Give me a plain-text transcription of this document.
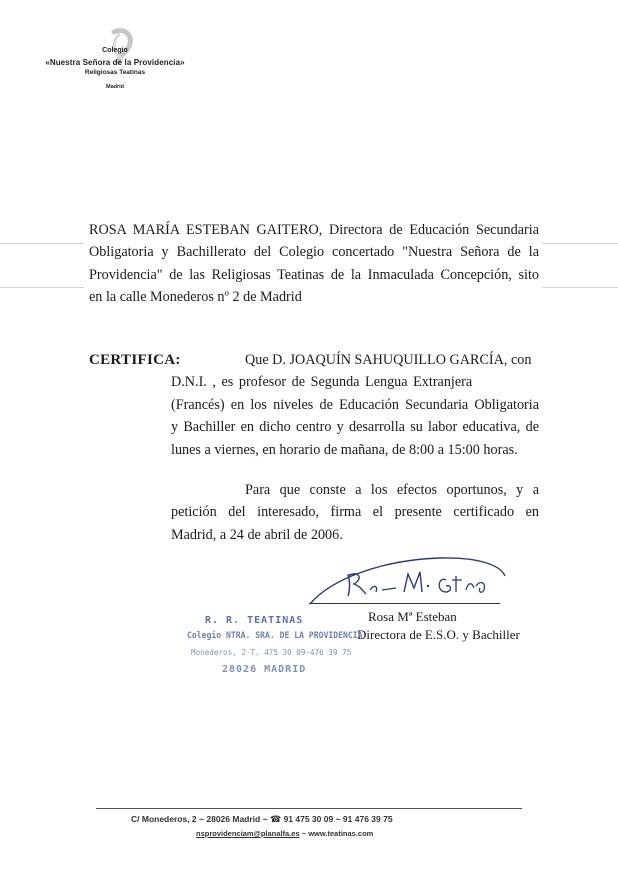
Colegio
«Nuestra Señora de la Providencia»
Religiosas Teatinas
Madrid
ROSA MARÍA ESTEBAN GAITERO, Directora de Educación Secundaria
Obligatoria y Bachillerato del Colegio concertado "Nuestra Señora de la
Providencia" de las Religiosas Teatinas de la Inmaculada Concepción, sito
en la calle Monederos nº 2 de Madrid
CERTIFICA:	Que D. JOAQUÍN SAHUQUILLO GARCÍA, con
D.N.I. , es profesor de Segunda Lengua Extranjera
(Francés) en los niveles de Educación Secundaria Obligatoria
y Bachiller en dicho centro y desarrolla su labor educativa, de
lunes a viernes, en horario de mañana, de 8:00 a 15:00 horas.
Para que conste a los efectos oportunos, y a
petición del interesado, firma el presente certificado en
Madrid, a 24 de abril de 2006.
Rosa Mª Esteban
Directora de E.S.O. y Bachiller
R. R. TEATINAS
Colegio NTRA. SRA. DE LA PROVIDENCIA
Monederos, 2-T. 475 30 09-476 39 75
28026 MADRID
C/ Monederos, 2 ~ 28026 Madrid ~ ☎ 91 475 30 09 ~ 91 476 39 75
nsprovidenciam@planalfa.es ~ www.teatinas.com
